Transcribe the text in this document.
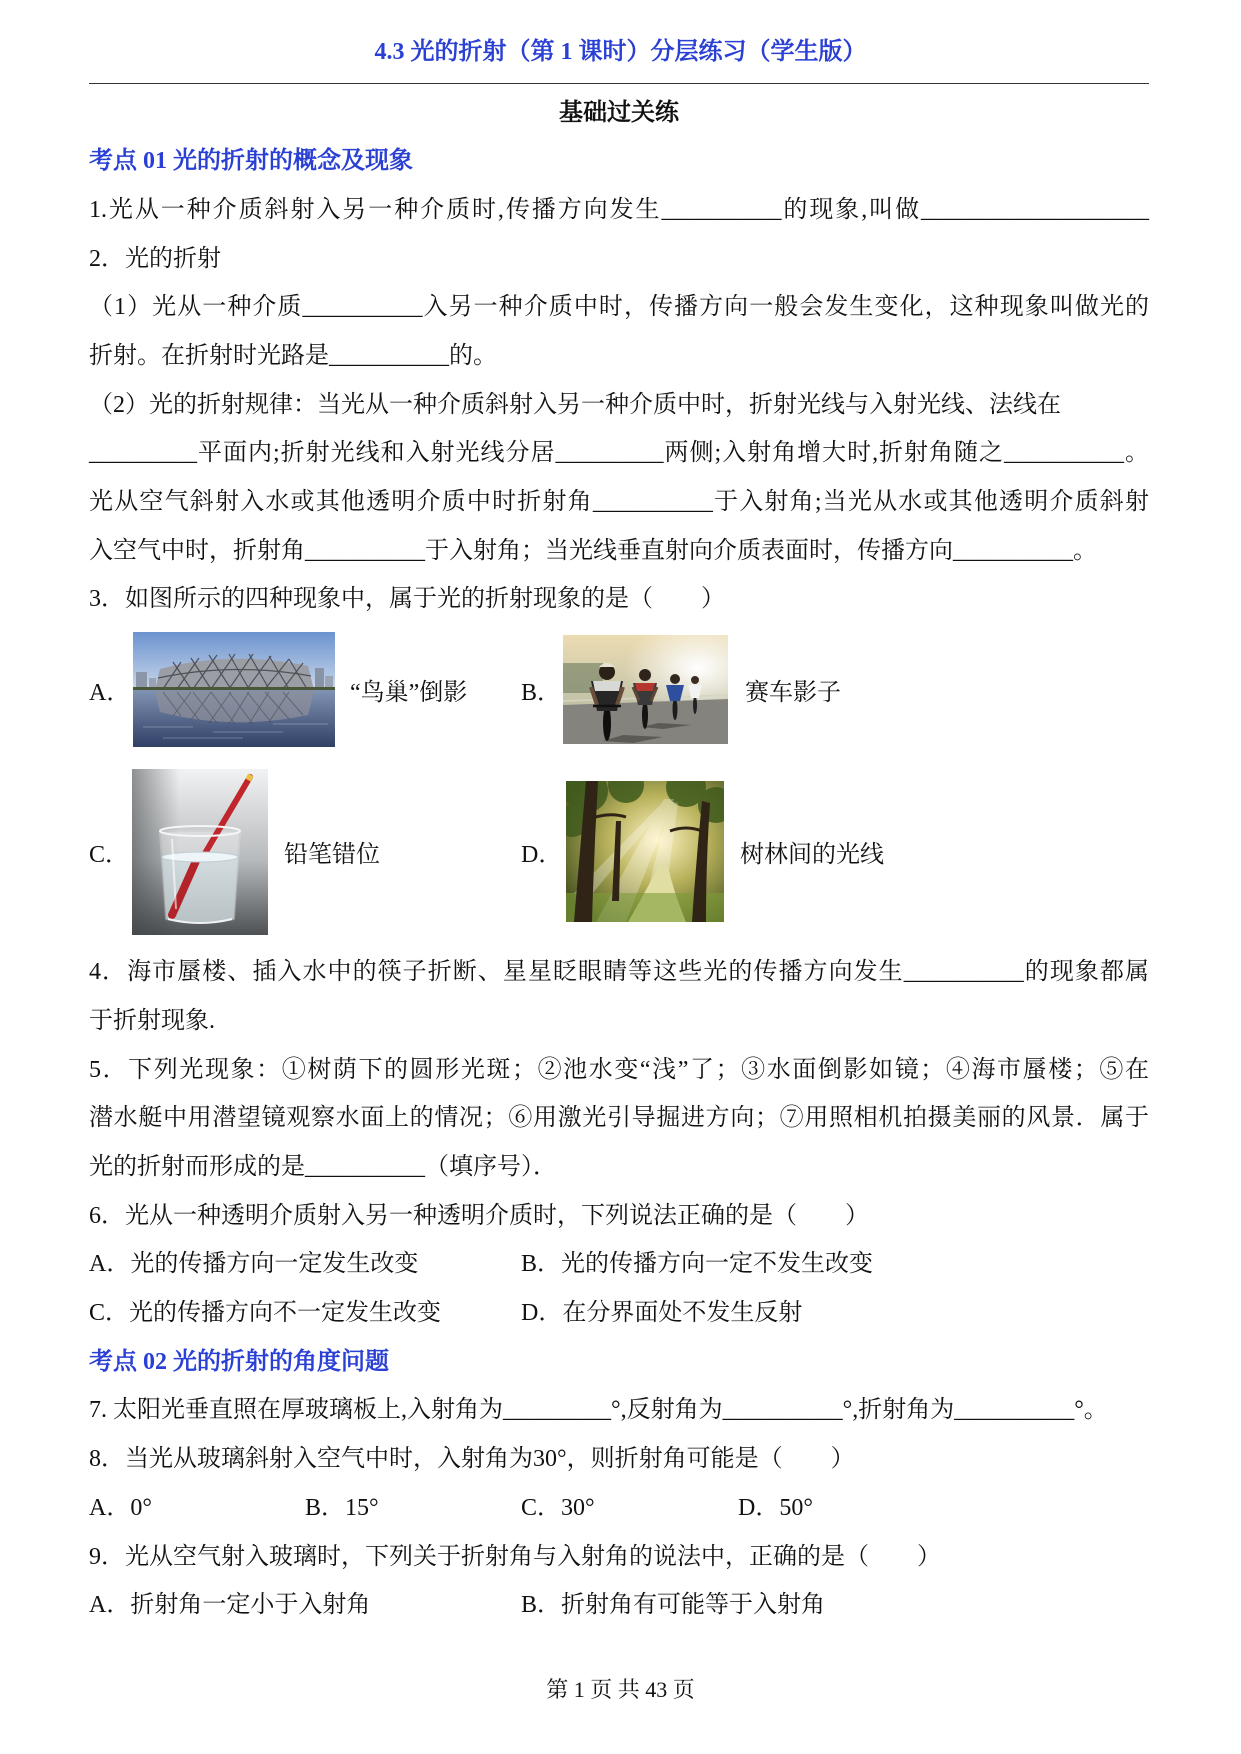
4.3 光的折射（第 1 课时）分层练习（学生版）
基础过关练
考点 01 光的折射的概念及现象
1.光从一种介质斜射入另一种介质时,传播方向发生__________的现象,叫做___________________
2．光的折射
（1）光从一种介质__________入另一种介质中时，传播方向一般会发生变化，这种现象叫做光的
折射。在折射时光路是__________的。
（2）光的折射规律：当光从一种介质斜射入另一种介质中时，折射光线与入射光线、法线在
_________平面内;折射光线和入射光线分居_________两侧;入射角增大时,折射角随之__________。
光从空气斜射入水或其他透明介质中时折射角__________于入射角;当光从水或其他透明介质斜射
入空气中时，折射角__________于入射角；当光线垂直射向介质表面时，传播方向__________。
3．如图所示的四种现象中，属于光的折射现象的是（　　）
A．	“鸟巢”倒影 B．	赛车影子
C．	铅笔错位	D．	树林间的光线
4．海市蜃楼、插入水中的筷子折断、星星眨眼睛等这些光的传播方向发生__________的现象都属
于折射现象.
5．下列光现象：①树荫下的圆形光斑；②池水变“浅”了；③水面倒影如镜；④海市蜃楼；⑤在
潜水艇中用潜望镜观察水面上的情况；⑥用激光引导掘进方向；⑦用照相机拍摄美丽的风景．属于
光的折射而形成的是__________（填序号）．
6．光从一种透明介质射入另一种透明介质时，下列说法正确的是（　　）
A．光的传播方向一定发生改变	B．光的传播方向一定不发生改变
C．光的传播方向不一定发生改变	D．在分界面处不发生反射
考点 02 光的折射的角度问题
7. 太阳光垂直照在厚玻璃板上,入射角为_________°,反射角为__________°,折射角为__________°。
8．当光从玻璃斜射入空气中时，入射角为30°，则折射角可能是（　　）
A．0°	B．15°	C．30°	D．50°
9．光从空气射入玻璃时，下列关于折射角与入射角的说法中，正确的是（　　）
A．折射角一定小于入射角	B．折射角有可能等于入射角
第 1 页 共 43 页
